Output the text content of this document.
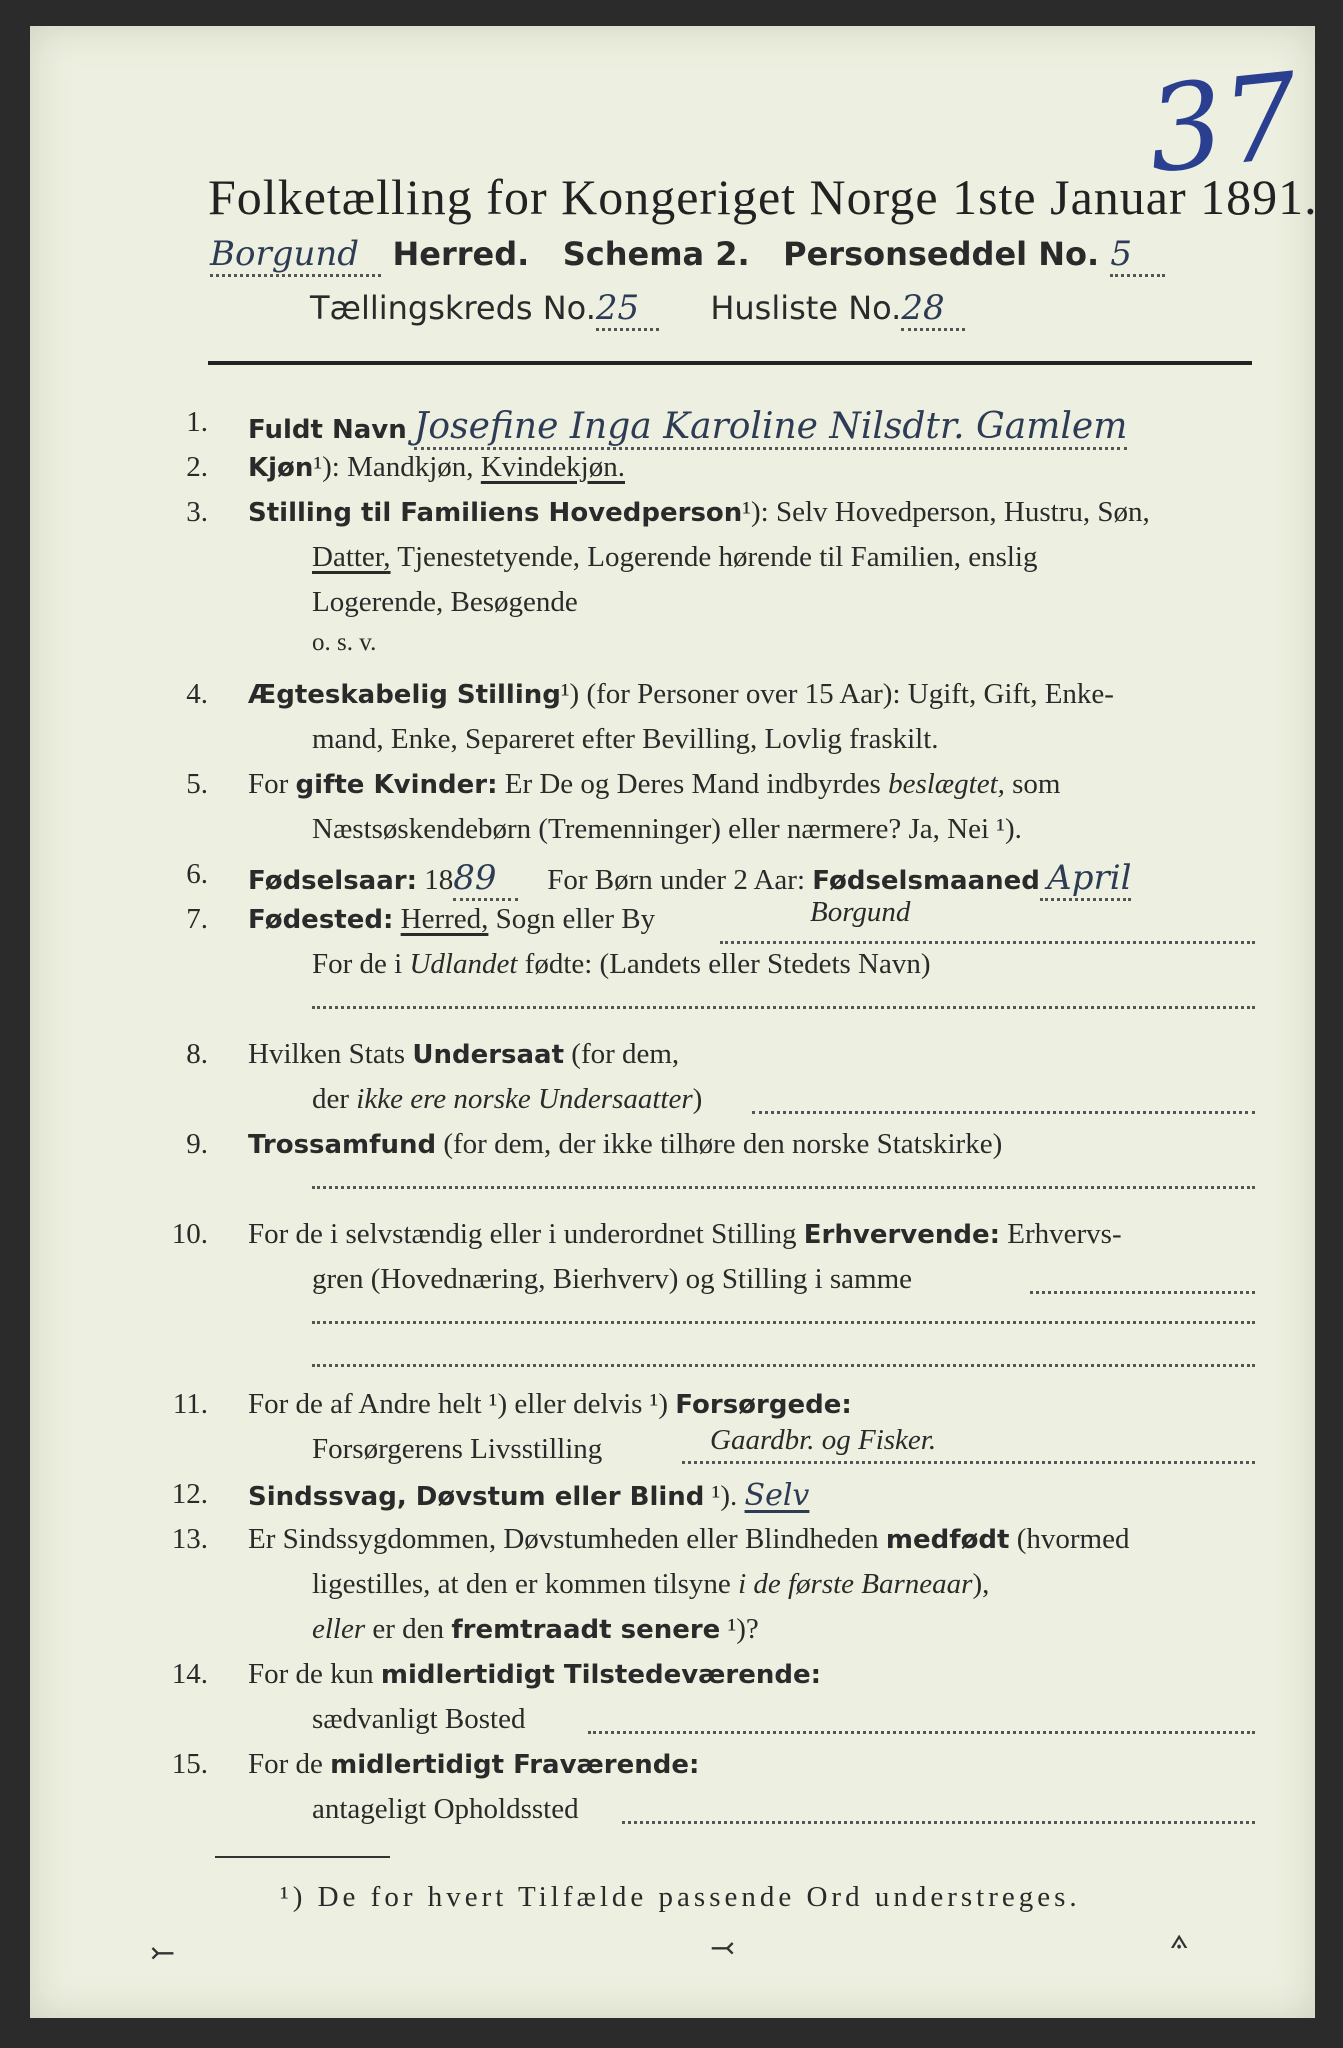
37
Folketælling for Kongeriget Norge 1ste Januar 1891.
Borgund Herred. Schema 2. Personseddel No. 5
Tællingskreds No.25 Husliste No.28
1. Fuldt Navn Josefine Inga Karoline Nilsdtr. Gamlem
2. Kjøn¹): Mandkjøn, Kvindekjøn.
3. Stilling til Familiens Hovedperson¹): Selv Hovedperson, Hustru, Søn,
Datter, Tjenestetyende, Logerende hørende til Familien, enslig
Logerende, Besøgende
o. s. v.
4. Ægteskabelig Stilling¹) (for Personer over 15 Aar): Ugift, Gift, Enke-
mand, Enke, Separeret efter Bevilling, Lovlig fraskilt.
5. For gifte Kvinder: Er De og Deres Mand indbyrdes beslægtet, som
Næstsøskendebørn (Tremenninger) eller nærmere? Ja, Nei ¹).
6. Fødselsaar: 1889 For Børn under 2 Aar: Fødselsmaaned April
7. Fødested: Herred, Sogn eller By	Borgund
For de i Udlandet fødte: (Landets eller Stedets Navn)
8. Hvilken Stats Undersaat (for dem,
der ikke ere norske Undersaatter)
9. Trossamfund (for dem, der ikke tilhøre den norske Statskirke)
10. For de i selvstændig eller i underordnet Stilling Erhvervende: Erhvervs-
gren (Hovednæring, Bierhverv) og Stilling i samme
11. For de af Andre helt ¹) eller delvis ¹) Forsørgede:
Forsørgerens Livsstilling	Gaardbr. og Fisker.
12. Sindssvag, Døvstum eller Blind ¹). Selv
13. Er Sindssygdommen, Døvstumheden eller Blindheden medfødt (hvormed
ligestilles, at den er kommen tilsyne i de første Barneaar),
eller er den fremtraadt senere ¹)?
14. For de kun midlertidigt Tilstedeværende:
sædvanligt Bosted
15. For de midlertidigt Fraværende:
antageligt Opholdssted
¹) De for hvert Tilfælde passende Ord understreges.
⤚	⤙	⟑
